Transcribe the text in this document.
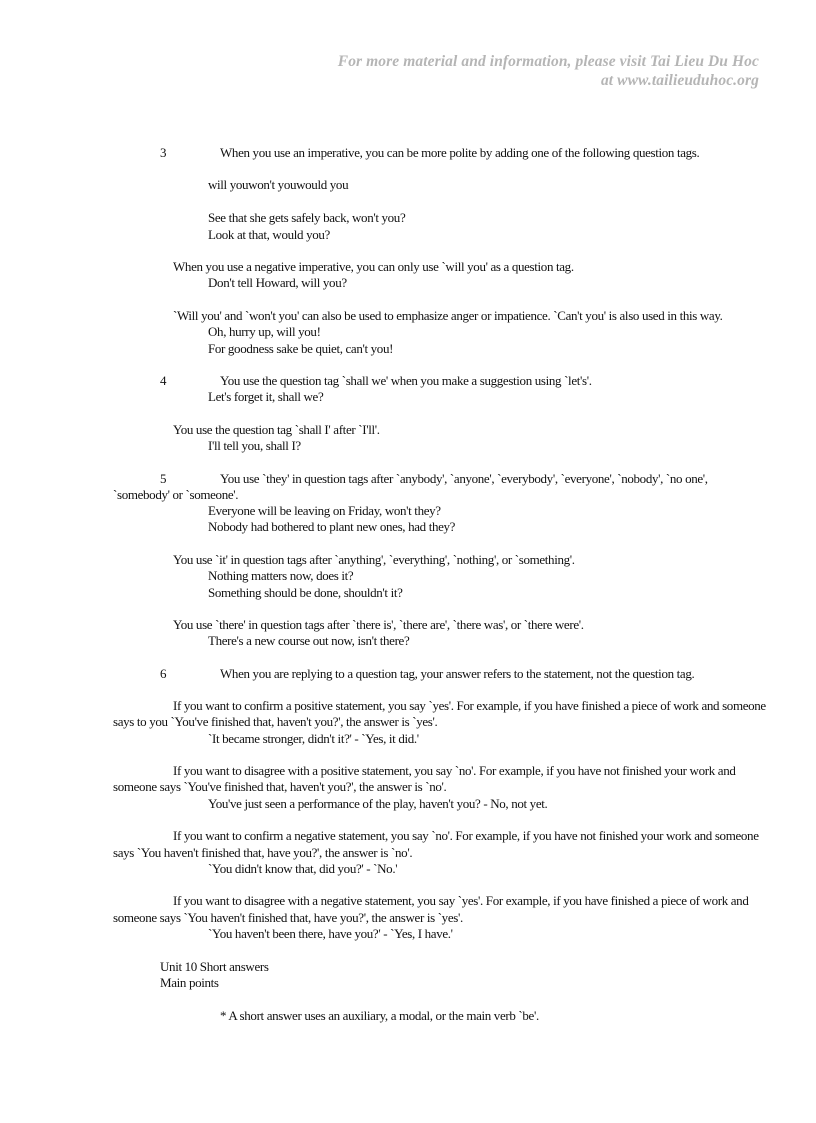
For more material and information, please visit Tai Lieu Du Hoc
at www.tailieuduhoc.org
3	When you use an imperative, you can be more polite by adding one of the following question tags.
will youwon't youwould you
See that she gets safely back, won't you?
Look at that, would you?
When you use a negative imperative, you can only use `will you' as a question tag.
Don't tell Howard, will you?
`Will you' and `won't you' can also be used to emphasize anger or impatience. `Can't you' is also used in this way.
Oh, hurry up, will you!
For goodness sake be quiet, can't you!
4	You use the question tag `shall we' when you make a suggestion using `let's'.
Let's forget it, shall we?
You use the question tag `shall I' after `I'll'.
I'll tell you, shall I?
5	You use `they' in question tags after `anybody', `anyone', `everybody', `everyone', `nobody', `no one',
`somebody' or `someone'.
Everyone will be leaving on Friday, won't they?
Nobody had bothered to plant new ones, had they?
You use `it' in question tags after `anything', `everything', `nothing', or `something'.
Nothing matters now, does it?
Something should be done, shouldn't it?
You use `there' in question tags after `there is', `there are', `there was', or `there were'.
There's a new course out now, isn't there?
6	When you are replying to a question tag, your answer refers to the statement, not the question tag.
If you want to confirm a positive statement, you say `yes'. For example, if you have finished a piece of work and someone
says to you `You've finished that, haven't you?', the answer is `yes'.
`It became stronger, didn't it?' - `Yes, it did.'
If you want to disagree with a positive statement, you say `no'. For example, if you have not finished your work and
someone says `You've finished that, haven't you?', the answer is `no'.
You've just seen a performance of the play, haven't you? - No, not yet.
If you want to confirm a negative statement, you say `no'. For example, if you have not finished your work and someone
says `You haven't finished that, have you?', the answer is `no'.
`You didn't know that, did you?' - `No.'
If you want to disagree with a negative statement, you say `yes'. For example, if you have finished a piece of work and
someone says `You haven't finished that, have you?', the answer is `yes'.
`You haven't been there, have you?' - `Yes, I have.'
Unit 10 Short answers
Main points
* A short answer uses an auxiliary, a modal, or the main verb `be'.
